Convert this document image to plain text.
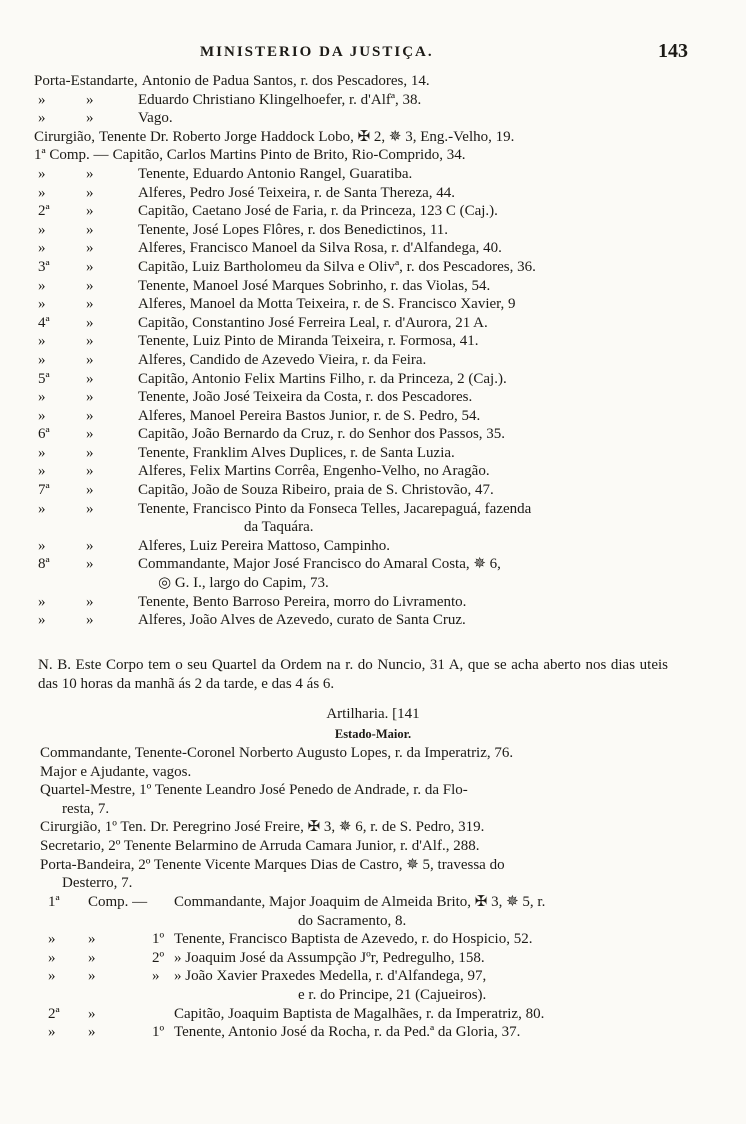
MINISTERIO DA JUSTIÇA.	143
Porta-Estandarte, Antonio de Padua Santos, r. dos Pescadores, 14.
»	»	Eduardo Christiano Klingelhoefer, r. d'Alfª, 38.
»	»	Vago.
Cirurgião, Tenente Dr. Roberto Jorge Haddock Lobo, ✠ 2, ✵ 3, Eng.-Velho, 19.
1ª Comp. — Capitão, Carlos Martins Pinto de Brito, Rio-Comprido, 34.
»	»	Tenente, Eduardo Antonio Rangel, Guaratiba.
»	»	Alferes, Pedro José Teixeira, r. de Santa Thereza, 44.
2ª	»	Capitão, Caetano José de Faria, r. da Princeza, 123 C (Caj.).
»	»	Tenente, José Lopes Flôres, r. dos Benedictinos, 11.
»	»	Alferes, Francisco Manoel da Silva Rosa, r. d'Alfandega, 40.
3ª	»	Capitão, Luiz Bartholomeu da Silva e Olivª, r. dos Pescadores, 36.
»	»	Tenente, Manoel José Marques Sobrinho, r. das Violas, 54.
»	»	Alferes, Manoel da Motta Teixeira, r. de S. Francisco Xavier, 9
4ª	»	Capitão, Constantino José Ferreira Leal, r. d'Aurora, 21 A.
»	»	Tenente, Luiz Pinto de Miranda Teixeira, r. Formosa, 41.
»	»	Alferes, Candido de Azevedo Vieira, r. da Feira.
5ª	»	Capitão, Antonio Felix Martins Filho, r. da Princeza, 2 (Caj.).
»	»	Tenente, João José Teixeira da Costa, r. dos Pescadores.
»	»	Alferes, Manoel Pereira Bastos Junior, r. de S. Pedro, 54.
6ª	»	Capitão, João Bernardo da Cruz, r. do Senhor dos Passos, 35.
»	»	Tenente, Franklim Alves Duplices, r. de Santa Luzia.
»	»	Alferes, Felix Martins Corrêa, Engenho-Velho, no Aragão.
7ª	»	Capitão, João de Souza Ribeiro, praia de S. Christovão, 47.
»	»	Tenente, Francisco Pinto da Fonseca Telles, Jacarepaguá, fazenda
da Taquára.
»	»	Alferes, Luiz Pereira Mattoso, Campinho.
8ª	»	Commandante, Major José Francisco do Amaral Costa, ✵ 6,
◎ G. I., largo do Capim, 73.
»	»	Tenente, Bento Barroso Pereira, morro do Livramento.
»	»	Alferes, João Alves de Azevedo, curato de Santa Cruz.
N. B. Este Corpo tem o seu Quartel da Ordem na r. do Nuncio, 31 A, que se acha aberto nos dias uteis das 10 horas da manhã ás 2 da tarde, e das 4 ás 6.
Artilharia. [141
Estado-Maior.
Commandante, Tenente-Coronel Norberto Augusto Lopes, r. da Imperatriz, 76.
Major e Ajudante, vagos.
Quartel-Mestre, 1º Tenente Leandro José Penedo de Andrade, r. da Flo-
resta, 7.
Cirurgião, 1º Ten. Dr. Peregrino José Freire, ✠ 3, ✵ 6, r. de S. Pedro, 319.
Secretario, 2º Tenente Belarmino de Arruda Camara Junior, r. d'Alf., 288.
Porta-Bandeira, 2º Tenente Vicente Marques Dias de Castro, ✵ 5, travessa do
Desterro, 7.
1ª	Comp. —	Commandante, Major Joaquim de Almeida Brito, ✠ 3, ✵ 5, r.
do Sacramento, 8.
»	»	1º Tenente, Francisco Baptista de Azevedo, r. do Hospicio, 52.
»	»	2º » Joaquim José da Assumpção Jºr, Pedregulho, 158.
»	»	» » João Xavier Praxedes Medella, r. d'Alfandega, 97,
e r. do Principe, 21 (Cajueiros).
2ª	»	Capitão, Joaquim Baptista de Magalhães, r. da Imperatriz, 80.
»	»	1º Tenente, Antonio José da Rocha, r. da Ped.ª da Gloria, 37.
